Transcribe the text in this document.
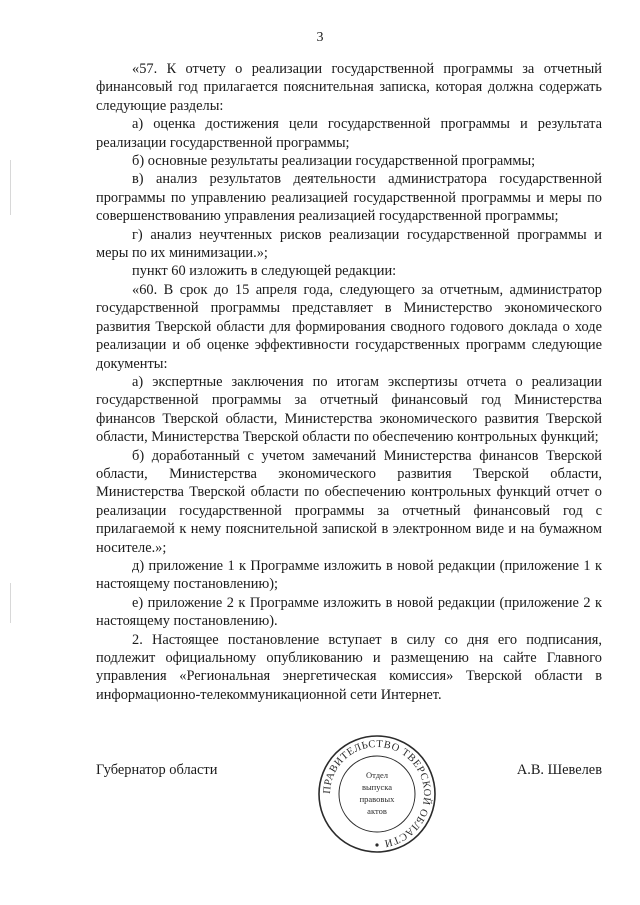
3

«57. К отчету о реализации государственной программы за отчетный финансовый год прилагается пояснительная записка, которая должна содержать следующие разделы:

а) оценка достижения цели государственной программы и результата реализации государственной программы;

б) основные результаты реализации государственной программы;

в) анализ результатов деятельности администратора государственной программы по управлению реализацией государственной программы и меры по совершенствованию управления реализацией государственной программы;

г) анализ неучтенных рисков реализации государственной программы и меры по их минимизации.»;

пункт 60 изложить в следующей редакции:

«60. В срок до 15 апреля года, следующего за отчетным, администратор государственной программы представляет в Министерство экономического развития Тверской области для формирования сводного годового доклада о ходе реализации и об оценке эффективности государственных программ следующие документы:

а) экспертные заключения по итогам экспертизы отчета о реализации государственной программы за отчетный финансовый год Министерства финансов Тверской области, Министерства экономического развития Тверской области, Министерства Тверской области по обеспечению контрольных функций;

б) доработанный с учетом замечаний Министерства финансов Тверской области, Министерства экономического развития Тверской области, Министерства Тверской области по обеспечению контрольных функций отчет о реализации государственной программы за отчетный финансовый год с прилагаемой к нему пояснительной запиской в электронном виде и на бумажном носителе.»;

д) приложение 1 к Программе изложить в новой редакции (приложение 1 к настоящему постановлению);

е) приложение 2 к Программе изложить в новой редакции (приложение 2 к настоящему постановлению).

2. Настоящее постановление вступает в силу со дня его подписания, подлежит официальному опубликованию и размещению на сайте Главного управления «Региональная энергетическая комиссия» Тверской области в информационно-телекоммуникационной сети Интернет.

Губернатор области	А.В. Шевелев
ПРАВИТЕЛЬСТВО ТВЕРСКОЙ ОБЛАСТИ
Отдел
выпуска
правовых
актов
